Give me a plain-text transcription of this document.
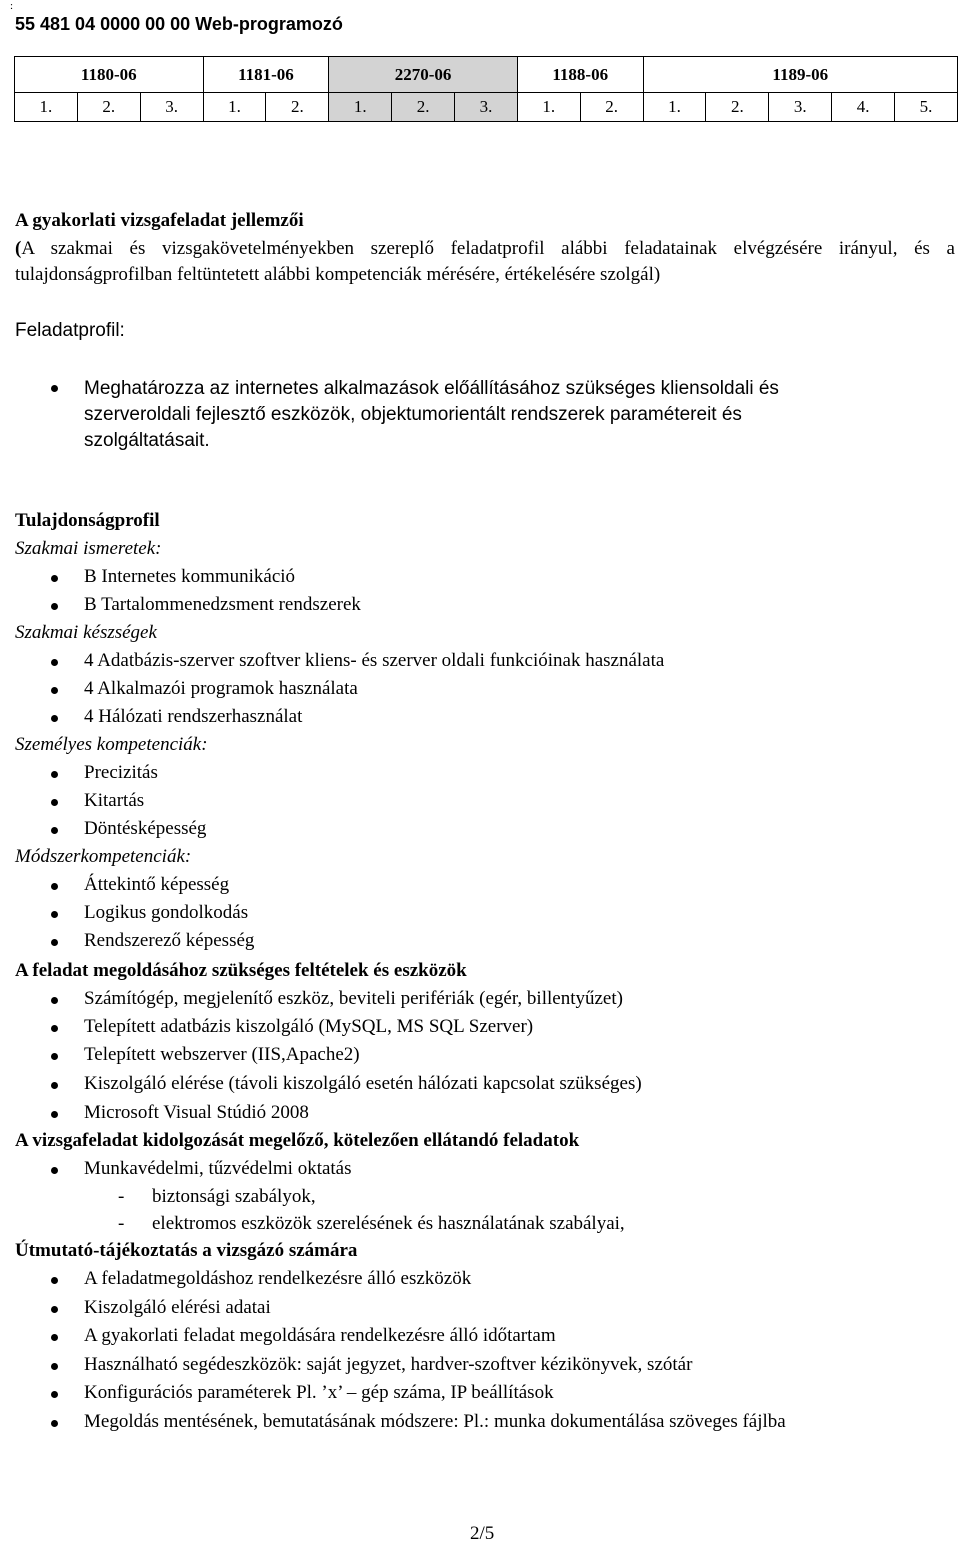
:
55 481 04 0000 00 00 Web-programozó
1180-06			1181-06		2270-06			1188-06		1189-06				
1.	2.	3.	1.	2.	1.	2.	3.	1.	2.	1.	2.	3.	4.	5.
A gyakorlati vizsgafeladat jellemzői
(A szakmai és vizsgakövetelményekben szereplő feladatprofil alábbi feladatainak elvégzésére irányul, és a tulajdonságprofilban feltüntetett alábbi kompetenciák mérésére, értékelésére szolgál)
Feladatprofil:
Meghatározza az internetes alkalmazások előállításához szükséges kliensoldali és szerveroldali fejlesztő eszközök, objektumorientált rendszerek paramétereit és szolgáltatásait.
Tulajdonságprofil
Szakmai ismeretek:
B Internetes kommunikáció
B Tartalommenedzsment rendszerek
Szakmai készségek
4 Adatbázis-szerver szoftver kliens- és szerver oldali funkcióinak használata
4 Alkalmazói programok használata
4 Hálózati rendszerhasználat
Személyes kompetenciák:
Precizitás
Kitartás
Döntésképesség
Módszerkompetenciák:
Áttekintő képesség
Logikus gondolkodás
Rendszerező képesség
A feladat megoldásához szükséges feltételek és eszközök
Számítógép, megjelenítő eszköz, beviteli perifériák (egér, billentyűzet)
Telepített adatbázis kiszolgáló (MySQL, MS SQL Szerver)
Telepített webszerver (IIS,Apache2)
Kiszolgáló elérése (távoli kiszolgáló esetén hálózati kapcsolat szükséges)
Microsoft Visual Stúdió 2008
A vizsgafeladat kidolgozását megelőző, kötelezően ellátandó feladatok
Munkavédelmi, tűzvédelmi oktatás
- biztonsági szabályok,
- elektromos eszközök szerelésének és használatának szabályai,
Útmutató-tájékoztatás a vizsgázó számára
A feladatmegoldáshoz rendelkezésre álló eszközök
Kiszolgáló elérési adatai
A gyakorlati feladat megoldására rendelkezésre álló időtartam
Használható segédeszközök: saját jegyzet, hardver-szoftver kézikönyvek, szótár
Konfigurációs paraméterek Pl. ’x’ – gép száma, IP beállítások
Megoldás mentésének, bemutatásának módszere: Pl.: munka dokumentálása szöveges fájlba
2/5
